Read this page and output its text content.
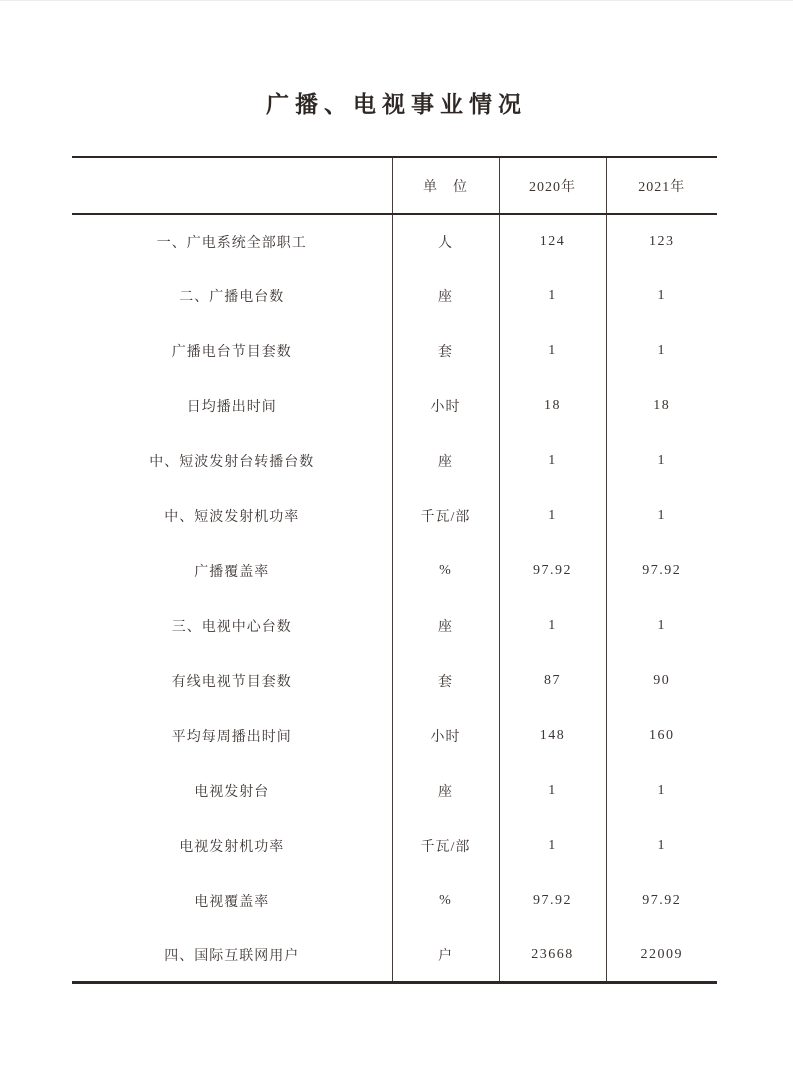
广播、电视事业情况
	单　位	2020年	2021年
一、广电系统全部职工	人	124	123
二、广播电台数	座	1	1
广播电台节目套数	套	1	1
日均播出时间	小时	18	18
中、短波发射台转播台数	座	1	1
中、短波发射机功率	千瓦/部	1	1
广播覆盖率	%	97.92	97.92
三、电视中心台数	座	1	1
有线电视节目套数	套	87	90
平均每周播出时间	小时	148	160
电视发射台	座	1	1
电视发射机功率	千瓦/部	1	1
电视覆盖率	%	97.92	97.92
四、国际互联网用户	户	23668	22009
